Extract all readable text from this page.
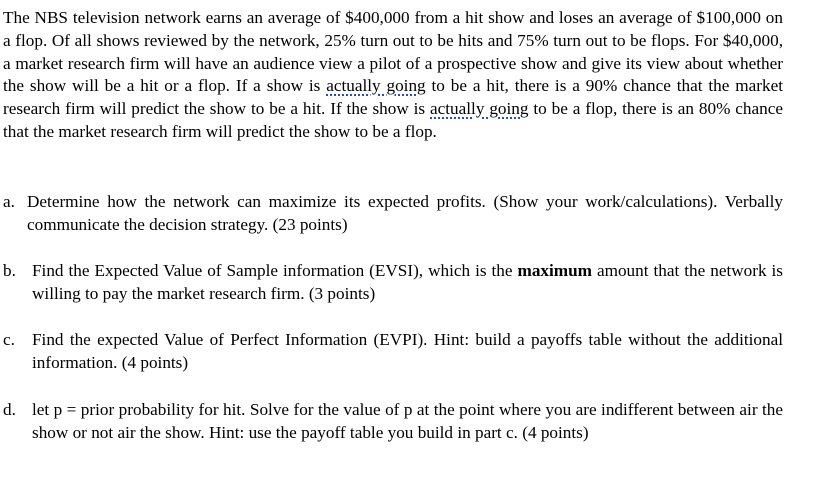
The NBS television network earns an average of $400,000 from a hit show and loses an average of $100,000 on a flop. Of all shows reviewed by the network, 25% turn out to be hits and 75% turn out to be flops. For $40,000, a market research firm will have an audience view a pilot of a prospective show and give its view about whether the show will be a hit or a flop. If a show is actually going to be a hit, there is a 90% chance that the market research firm will predict the show to be a hit. If the show is actually going to be a flop, there is an 80% chance that the market research firm will predict the show to be a flop.

a. Determine how the network can maximize its expected profits. (Show your work/calculations). Verbally communicate the decision strategy. (23 points)
b. Find the Expected Value of Sample information (EVSI), which is the maximum amount that the network is willing to pay the market research firm. (3 points)
c. Find the expected Value of Perfect Information (EVPI). Hint: build a payoffs table without the additional information. (4 points)
d. let p = prior probability for hit. Solve for the value of p at the point where you are indifferent between air the show or not air the show. Hint: use the payoff table you build in part c. (4 points)
